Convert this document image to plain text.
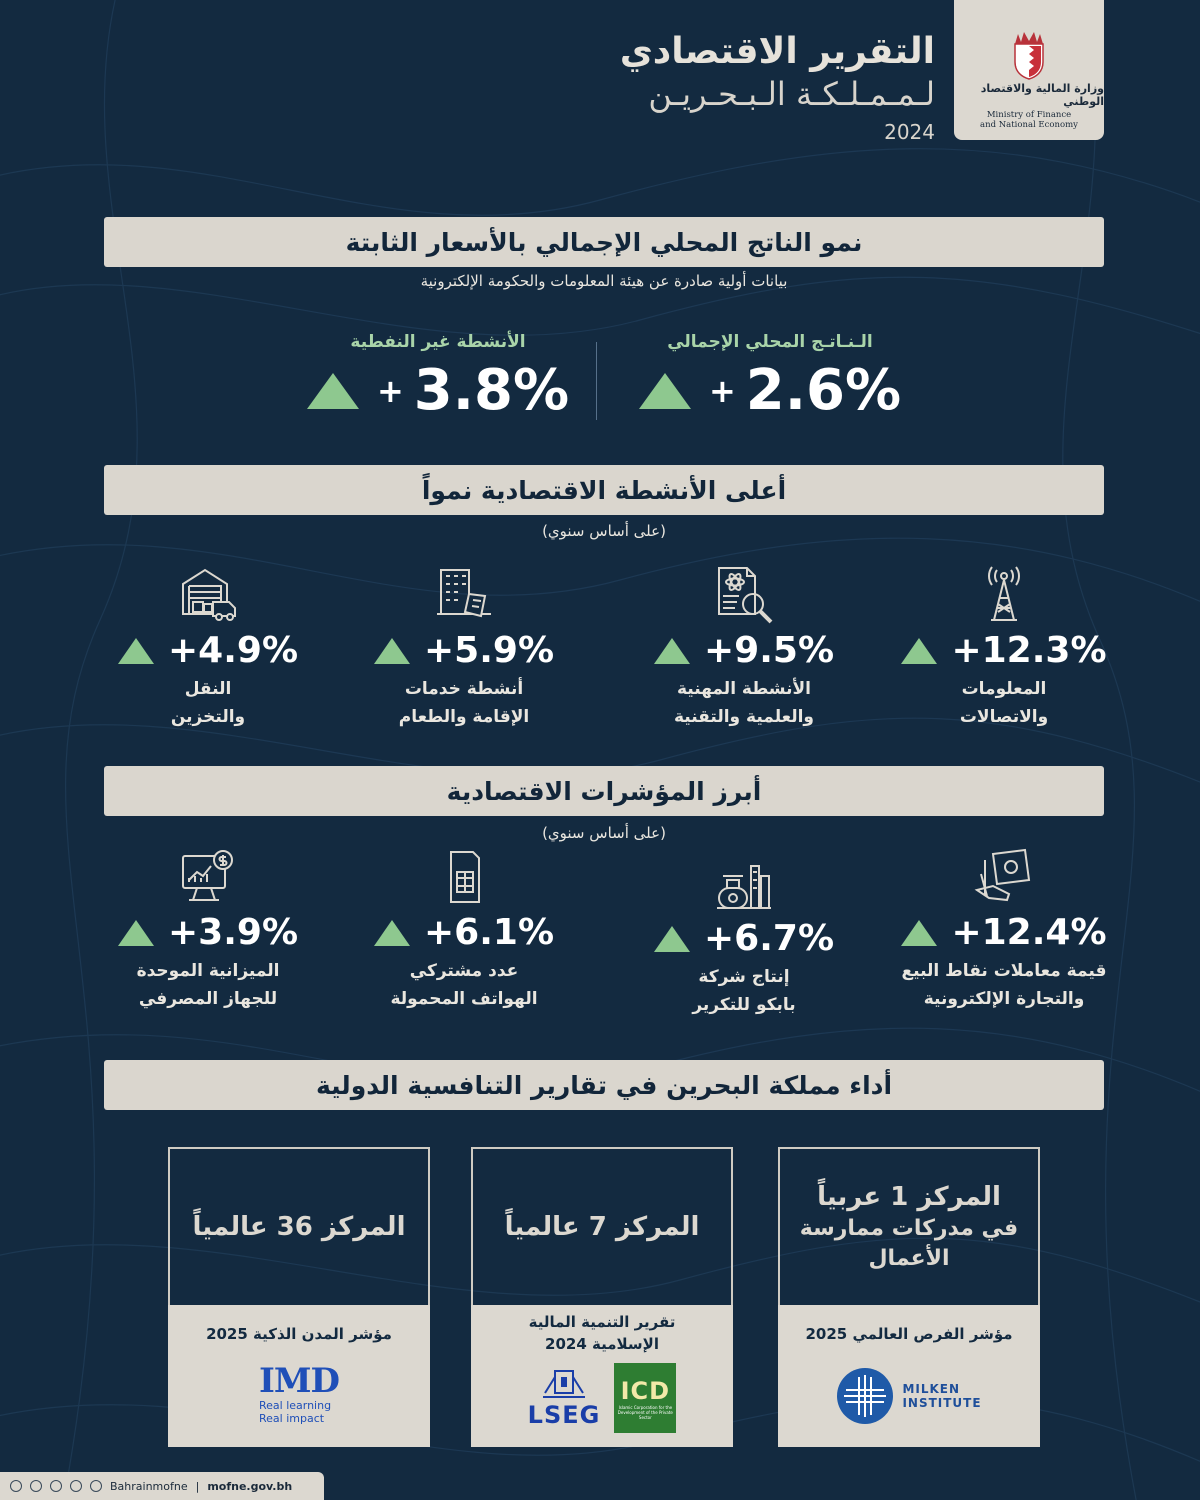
التقرير الاقتصادي
لـمـمـلـكـة الـبـحـريـن
2024
وزارة المالية والاقتصاد الوطني
Ministry of Finance
and National Economy
نمو الناتج المحلي الإجمالي بالأسعار الثابتة
بيانات أولية صادرة عن هيئة المعلومات والحكومة الإلكترونية
الـنـاتـج المحلي الإجمالي
+ 2.6%
الأنشطة غير النفطية
+ 3.8%
أعلى الأنشطة الاقتصادية نمواً
(على أساس سنوي)
+12.3%
المعلومات
والاتصالات
+9.5%
الأنشطة المهنية
والعلمية والتقنية
+5.9%
أنشطة خدمات
الإقامة والطعام
+4.9%
النقل
والتخزين
أبرز المؤشرات الاقتصادية
(على أساس سنوي)
+12.4%
قيمة معاملات نقاط البيع
والتجارة الإلكترونية
+6.7%
إنتاج شركة
بابكو للتكرير
+6.1%
عدد مشتركي
الهواتف المحمولة
+3.9%
الميزانية الموحدة
للجهاز المصرفي
أداء مملكة البحرين في تقارير التنافسية الدولية
المركز 1 عربياً
في مدركات ممارسة الأعمال
مؤشر الفرص العالمي 2025
MILKEN
INSTITUTE
المركز 7 عالمياً
تقرير التنمية المالية
الإسلامية 2024
LSEG
ICD
Islamic Corporation for the Development of the Private Sector
المركز 36 عالمياً
مؤشر المدن الذكية 2025
IMD
Real learning
Real impact
Bahrainmofne | mofne.gov.bh
